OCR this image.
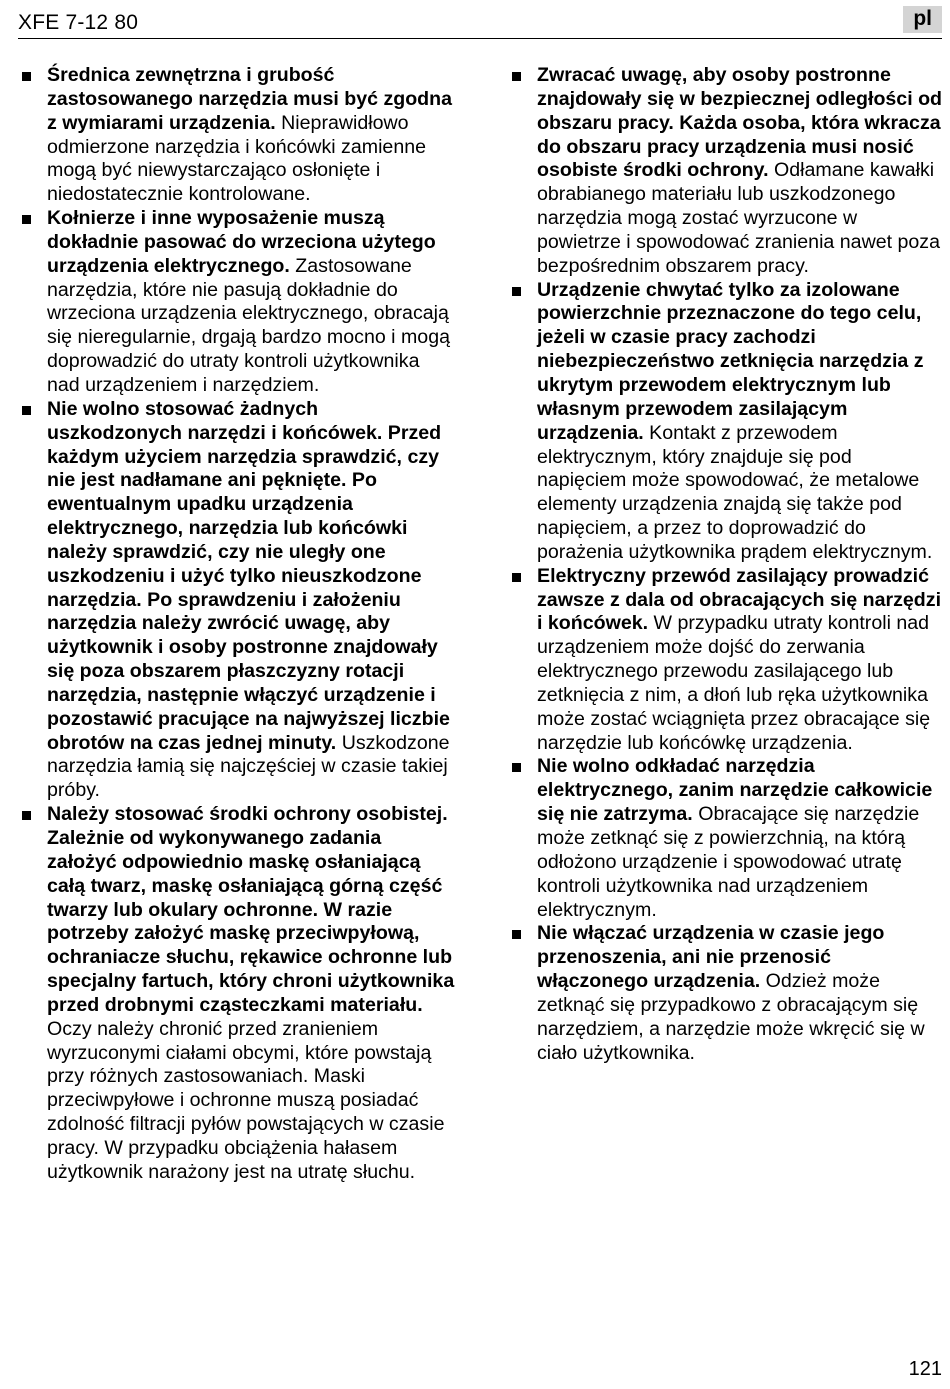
XFE 7-12 80	pl
Średnica zewnętrzna i grubość zastosowanego narzędzia musi być zgodna z wymiarami urządzenia. Nieprawidłowo odmierzone narzędzia i końcówki zamienne mogą być niewystarczająco osłonięte i niedostatecznie kontrolowane.
Kołnierze i inne wyposażenie muszą dokładnie pasować do wrzeciona użytego urządzenia elektrycznego. Zastosowane narzędzia, które nie pasują dokładnie do wrzeciona urządzenia elektrycznego, obracają się nieregularnie, drgają bardzo mocno i mogą doprowadzić do utraty kontroli użytkownika nad urządzeniem i narzędziem.
Nie wolno stosować żadnych uszkodzonych narzędzi i końcówek. Przed każdym użyciem narzędzia sprawdzić, czy nie jest nadłamane ani pęknięte. Po ewentualnym upadku urządzenia elektrycznego, narzędzia lub końcówki należy sprawdzić, czy nie uległy one uszkodzeniu i użyć tylko nieuszkodzone narzędzia. Po sprawdzeniu i założeniu narzędzia należy zwrócić uwagę, aby użytkownik i osoby postronne znajdowały się poza obszarem płaszczyzny rotacji narzędzia, następnie włączyć urządzenie i pozostawić pracujące na najwyższej liczbie obrotów na czas jednej minuty. Uszkodzone narzędzia łamią się najczęściej w czasie takiej próby.
Należy stosować środki ochrony osobistej. Zależnie od wykonywanego zadania założyć odpowiednio maskę osłaniającą całą twarz, maskę osłaniającą górną część twarzy lub okulary ochronne. W razie potrzeby założyć maskę przeciwpyłową, ochraniacze słuchu, rękawice ochronne lub specjalny fartuch, który chroni użytkownika przed drobnymi cząsteczkami materiału. Oczy należy chronić przed zranieniem wyrzuconymi ciałami obcymi, które powstają przy różnych zastosowaniach. Maski przeciwpyłowe i ochronne muszą posiadać zdolność filtracji pyłów powstających w czasie pracy. W przypadku obciążenia hałasem użytkownik narażony jest na utratę słuchu.
Zwracać uwagę, aby osoby postronne znajdowały się w bezpiecznej odległości od obszaru pracy. Każda osoba, która wkracza do obszaru pracy urządzenia musi nosić osobiste środki ochrony. Odłamane kawałki obrabianego materiału lub uszkodzonego narzędzia mogą zostać wyrzucone w powietrze i spowodować zranienia nawet poza bezpośrednim obszarem pracy.
Urządzenie chwytać tylko za izolowane powierzchnie przeznaczone do tego celu, jeżeli w czasie pracy zachodzi niebezpieczeństwo zetknięcia narzędzia z ukrytym przewodem elektrycznym lub własnym przewodem zasilającym urządzenia. Kontakt z przewodem elektrycznym, który znajduje się pod napięciem może spowodować, że metalowe elementy urządzenia znajdą się także pod napięciem, a przez to doprowadzić do porażenia użytkownika prądem elektrycznym.
Elektryczny przewód zasilający prowadzić zawsze z dala od obracających się narzędzi i końcówek. W przypadku utraty kontroli nad urządzeniem może dojść do zerwania elektrycznego przewodu zasilającego lub zetknięcia z nim, a dłoń lub ręka użytkownika może zostać wciągnięta przez obracające się narzędzie lub końcówkę urządzenia.
Nie wolno odkładać narzędzia elektrycznego, zanim narzędzie całkowicie się nie zatrzyma. Obracające się narzędzie może zetknąć się z powierzchnią, na którą odłożono urządzenie i spowodować utratę kontroli użytkownika nad urządzeniem elektrycznym.
Nie włączać urządzenia w czasie jego przenoszenia, ani nie przenosić włączonego urządzenia. Odzież może zetknąć się przypadkowo z obracającym się narzędziem, a narzędzie może wkręcić się w ciało użytkownika.
121
